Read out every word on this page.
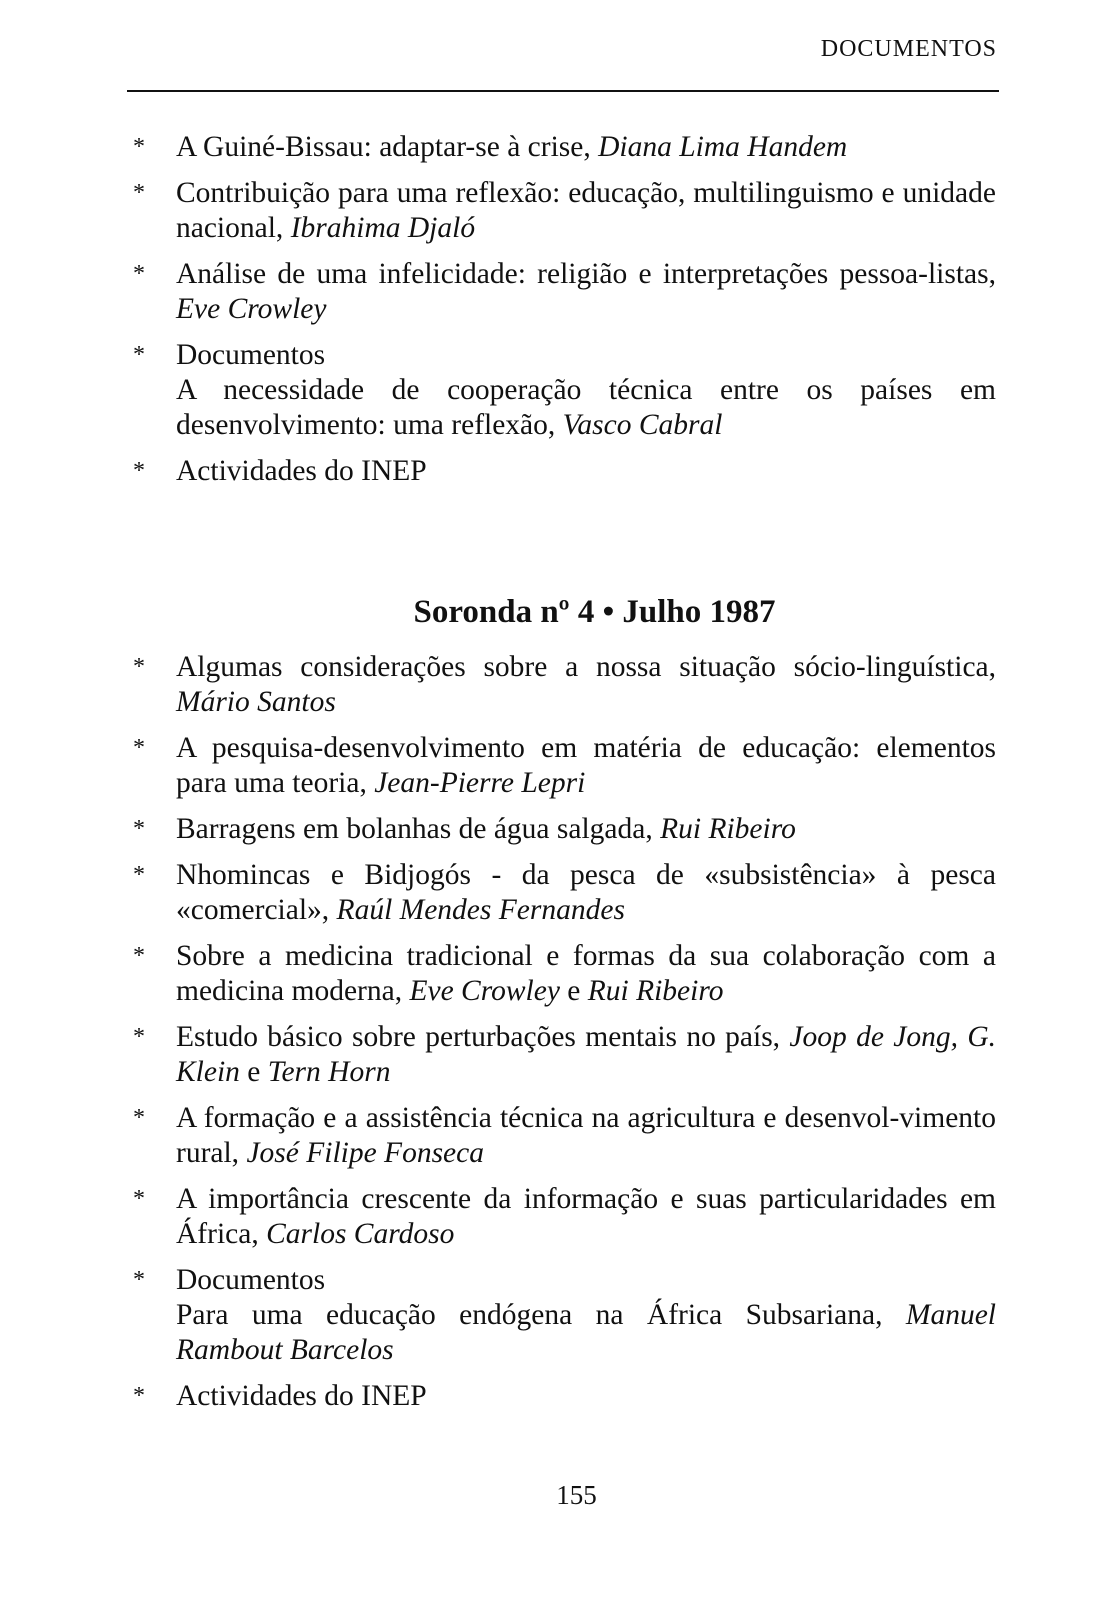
DOCUMENTOS
* A Guiné-Bissau: adaptar-se à crise, Diana Lima Handem
* Contribuição para uma reflexão: educação, multilinguismo e unidade nacional, Ibrahima Djaló
* Análise de uma infelicidade: religião e interpretações pessoa-listas, Eve Crowley
* Documentos
A necessidade de cooperação técnica entre os países em desenvolvimento: uma reflexão, Vasco Cabral
* Actividades do INEP
Soronda nº 4 • Julho 1987
* Algumas considerações sobre a nossa situação sócio-linguística, Mário Santos
* A pesquisa-desenvolvimento em matéria de educação: elementos para uma teoria, Jean-Pierre Lepri
* Barragens em bolanhas de água salgada, Rui Ribeiro
* Nhomincas e Bidjogós - da pesca de «subsistência» à pesca «comercial», Raúl Mendes Fernandes
* Sobre a medicina tradicional e formas da sua colaboração com a medicina moderna, Eve Crowley e Rui Ribeiro
* Estudo básico sobre perturbações mentais no país, Joop de Jong, G. Klein e Tern Horn
* A formação e a assistência técnica na agricultura e desenvol-vimento rural, José Filipe Fonseca
* A importância crescente da informação e suas particularidades em África, Carlos Cardoso
* Documentos
Para uma educação endógena na África Subsariana, Manuel Rambout Barcelos
* Actividades do INEP
155
